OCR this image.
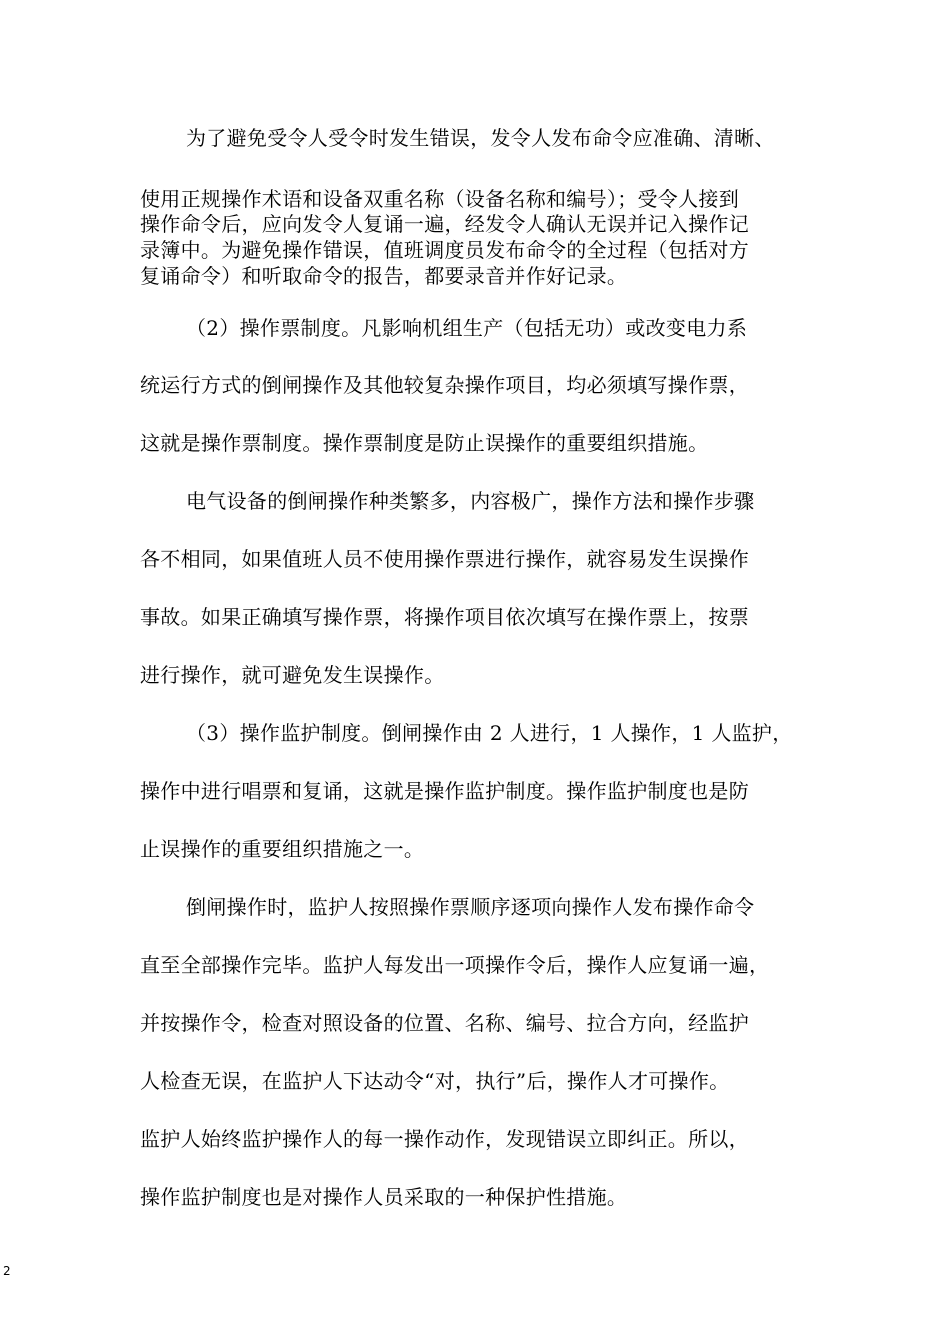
为了避免受令人受令时发生错误，发令人发布命令应准确、清晰、
使用正规操作术语和设备双重名称（设备名称和编号）；受令人接到
操作命令后，应向发令人复诵一遍，经发令人确认无误并记入操作记
录簿中。为避免操作错误，值班调度员发布命令的全过程（包括对方
复诵命令）和听取命令的报告，都要录音并作好记录。
（2）操作票制度。凡影响机组生产（包括无功）或改变电力系
统运行方式的倒闸操作及其他较复杂操作项目，均必须填写操作票，
这就是操作票制度。操作票制度是防止误操作的重要组织措施。
电气设备的倒闸操作种类繁多，内容极广，操作方法和操作步骤
各不相同，如果值班人员不使用操作票进行操作，就容易发生误操作
事故。如果正确填写操作票，将操作项目依次填写在操作票上，按票
进行操作，就可避免发生误操作。
（3）操作监护制度。倒闸操作由 2 人进行，1 人操作，1 人监护，
操作中进行唱票和复诵，这就是操作监护制度。操作监护制度也是防
止误操作的重要组织措施之一。
倒闸操作时，监护人按照操作票顺序逐项向操作人发布操作命令
直至全部操作完毕。监护人每发出一项操作令后，操作人应复诵一遍，
并按操作令，检查对照设备的位置、名称、编号、拉合方向，经监护
人检查无误，在监护人下达动令“对，执行”后，操作人才可操作。
监护人始终监护操作人的每一操作动作，发现错误立即纠正。所以，
操作监护制度也是对操作人员采取的一种保护性措施。
2
